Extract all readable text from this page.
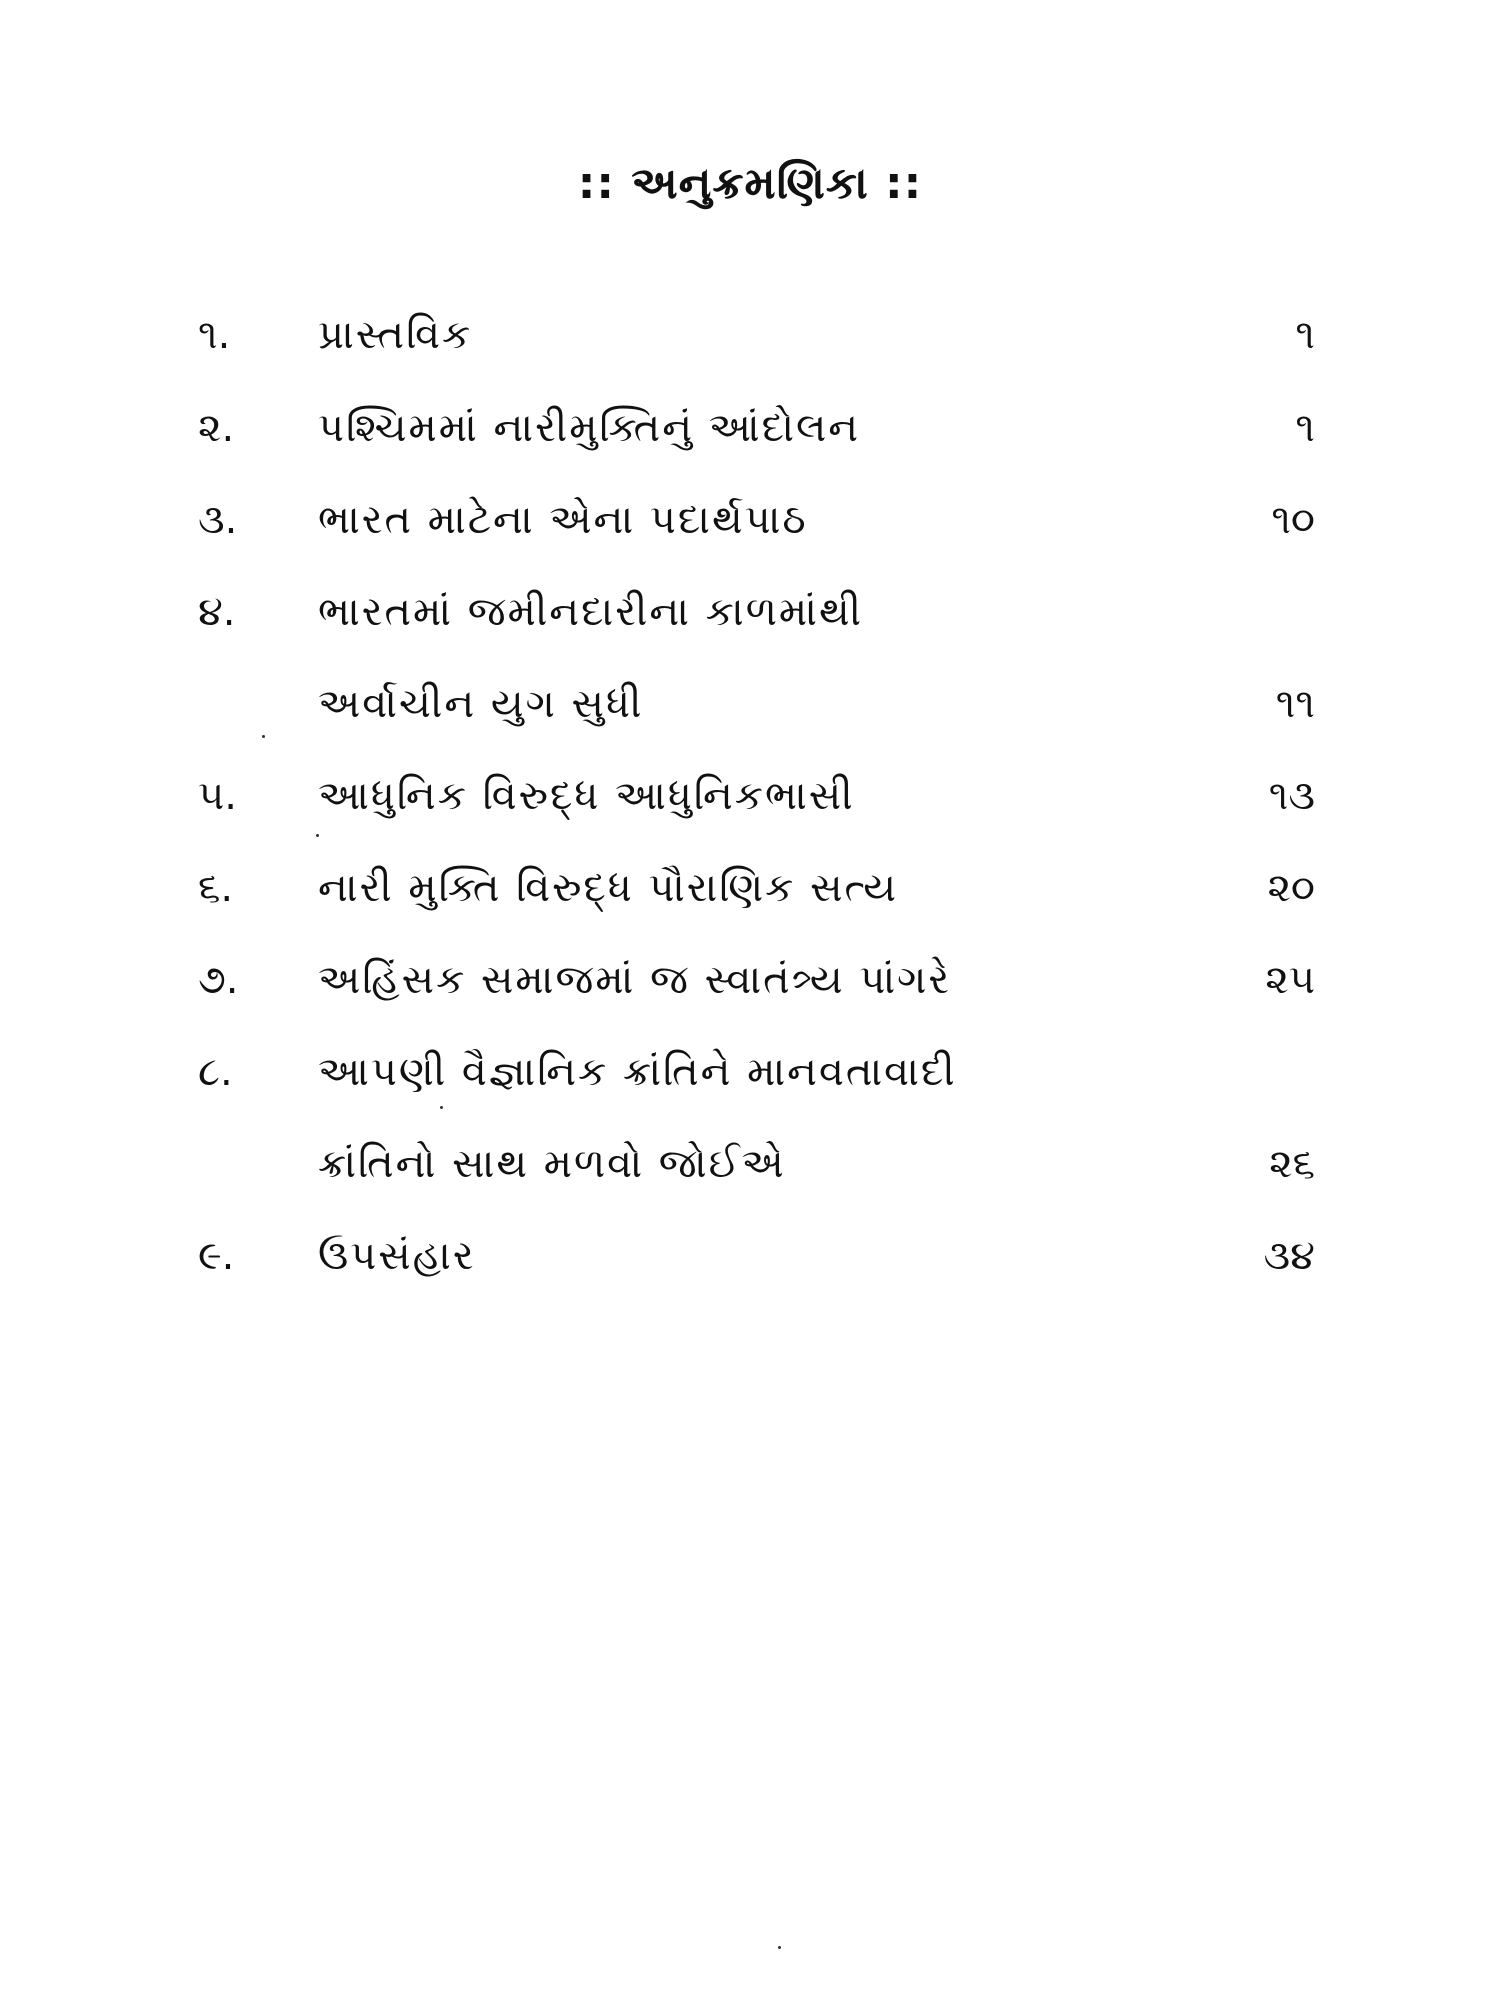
:: અનુક્રમણિકા ::
૧.	પ્રાસ્તવિક	૧
૨.	પશ્ચિમમાં નારીમુક્તિનું આંદોલન	૧
૩.	ભારત માટેના એના પદાર્થપાઠ	૧૦
૪.	ભારતમાં જમીનદારીના કાળમાંથી
અર્વાચીન યુગ સુધી	૧૧
૫.	આધુનિક વિરુદ્ધ આધુનિકભાસી	૧૩
૬.	નારી મુક્તિ વિરુદ્ધ પૌરાણિક સત્ય	૨૦
૭.	અહિંસક સમાજમાં જ સ્વાતંત્ર્ય પાંગરે	૨૫
૮.	આપણી વૈજ્ઞાનિક ક્રાંતિને માનવતાવાદી
ક્રાંતિનો સાથ મળવો જોઈએ	૨૬
૯.	ઉપસંહાર	૩૪
